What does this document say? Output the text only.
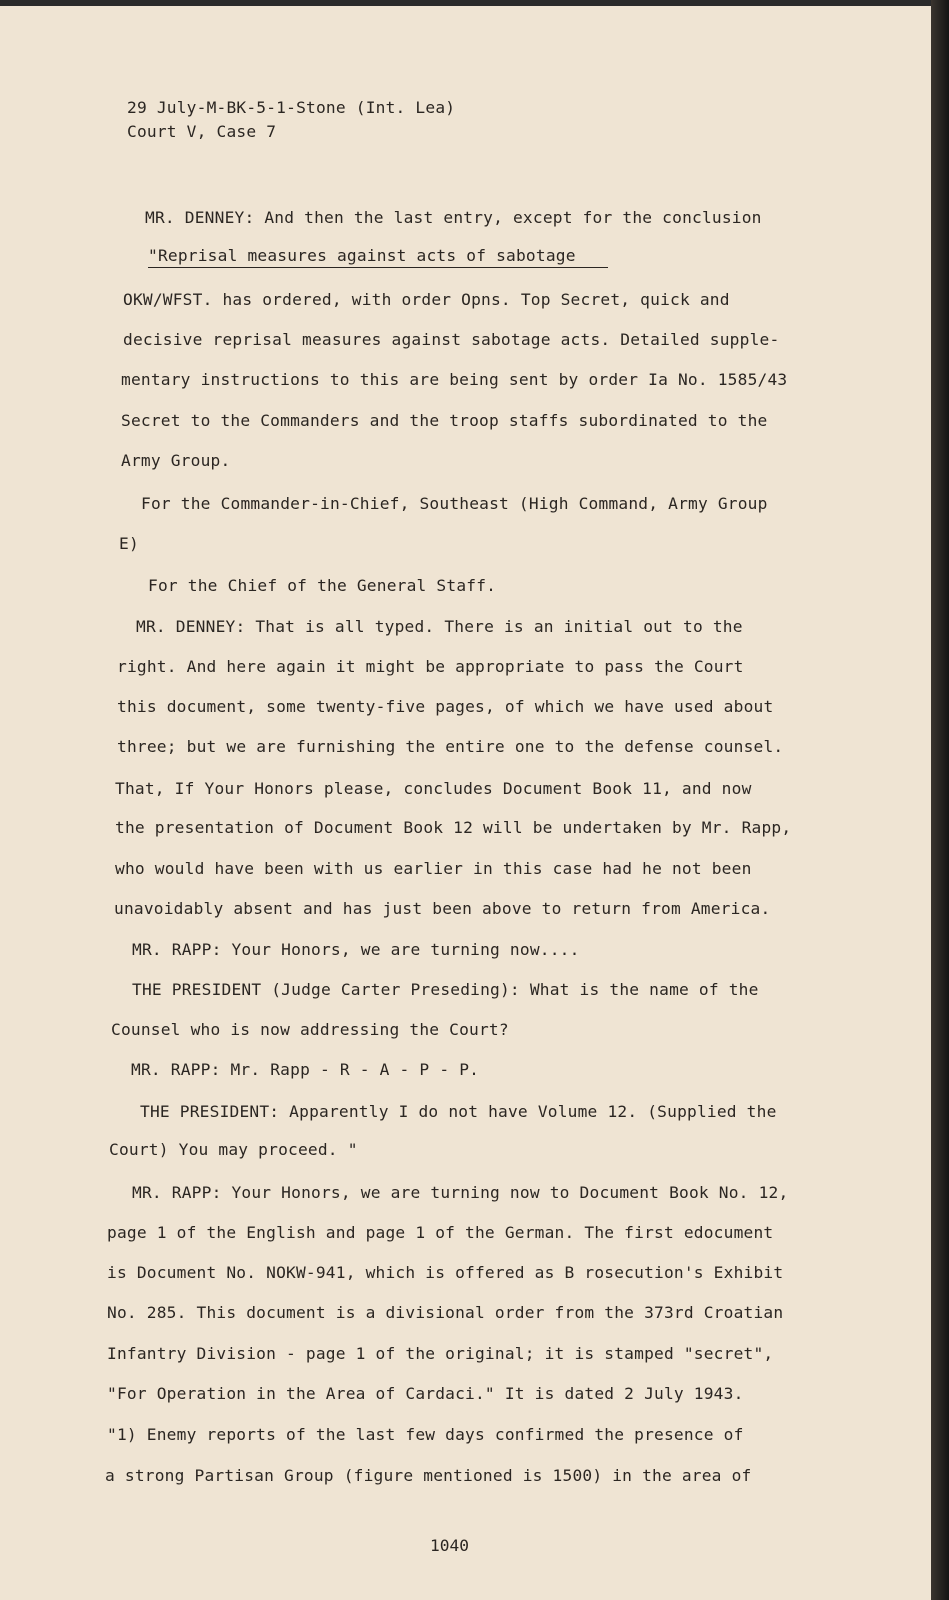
29 July-M-BK-5-1-Stone (Int. Lea)
Court V, Case 7
MR. DENNEY: And then the last entry, except for the conclusion
"Reprisal measures against acts of sabotage
OKW/WFST. has ordered, with order Opns. Top Secret, quick and
decisive reprisal measures against sabotage acts. Detailed supple-
mentary instructions to this are being sent by order Ia No. 1585/43
Secret to the Commanders and the troop staffs subordinated to the
Army Group.
For the Commander-in-Chief, Southeast (High Command, Army Group
E)
For the Chief of the General Staff.
MR. DENNEY: That is all typed. There is an initial out to the
right. And here again it might be appropriate to pass the Court
this document, some twenty-five pages, of which we have used about
three; but we are furnishing the entire one to the defense counsel.
That, If Your Honors please, concludes Document Book 11, and now
the presentation of Document Book 12 will be undertaken by Mr. Rapp,
who would have been with us earlier in this case had he not been
unavoidably absent and has just been above to return from America.
MR. RAPP: Your Honors, we are turning now....
THE PRESIDENT (Judge Carter Preseding): What is the name of the
Counsel who is now addressing the Court?
MR. RAPP: Mr. Rapp - R - A - P - P.
THE PRESIDENT: Apparently I do not have Volume 12. (Supplied the
Court) You may proceed. "
MR. RAPP: Your Honors, we are turning now to Document Book No. 12,
page 1 of the English and page 1 of the German. The first edocument
is Document No. NOKW-941, which is offered as B rosecution's Exhibit
No. 285. This document is a divisional order from the 373rd Croatian
Infantry Division - page 1 of the original; it is stamped "secret",
"For Operation in the Area of Cardaci." It is dated 2 July 1943.
"1) Enemy reports of the last few days confirmed the presence of
a strong Partisan Group (figure mentioned is 1500) in the area of
1040
